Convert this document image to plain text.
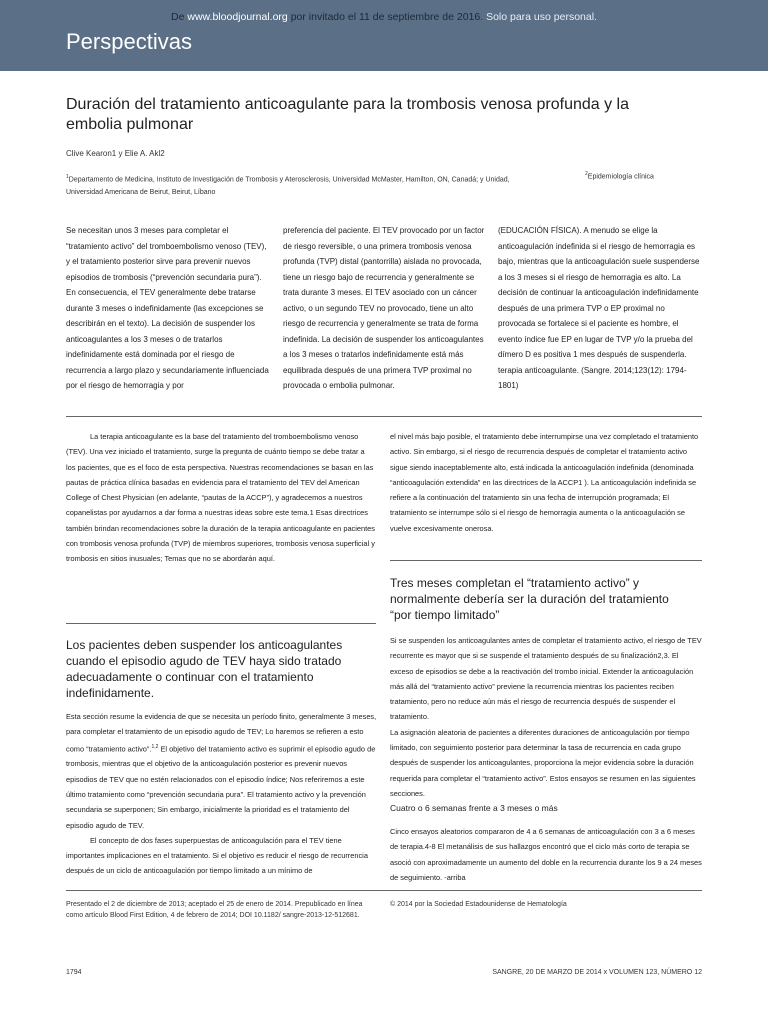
De www.bloodjournal.org por invitado el 11 de septiembre de 2016. Solo para uso personal.
Perspectivas
Duración del tratamiento anticoagulante para la trombosis venosa profunda y la embolia pulmonar
Clive Kearon1 y Elie A. Akl2
$^1$Departamento de Medicina, Instituto de Investigación de Trombosis y Aterosclerosis, Universidad McMaster, Hamilton, ON, Canadá; y Unidad, Universidad Americana de Beirut, Beirut, Líbano
$^2$Epidemiología clínica

Se necesitan unos 3 meses para completar el “tratamiento activo” del tromboembolismo venoso (TEV), y el tratamiento posterior sirve para prevenir nuevos episodios de trombosis (“prevención secundaria pura”). En consecuencia, el TEV generalmente debe tratarse durante 3 meses o indefinidamente (las excepciones se describirán en el texto). La decisión de suspender los anticoagulantes a los 3 meses o de tratarlos indefinidamente está dominada por el riesgo de recurrencia a largo plazo y secundariamente influenciada por el riesgo de hemorragia y por

preferencia del paciente. El TEV provocado por un factor de riesgo reversible, o una primera trombosis venosa profunda (TVP) distal (pantorrilla) aislada no provocada, tiene un riesgo bajo de recurrencia y generalmente se trata durante 3 meses. El TEV asociado con un cáncer activo, o un segundo TEV no provocado, tiene un alto riesgo de recurrencia y generalmente se trata de forma indefinida. La decisión de suspender los anticoagulantes a los 3 meses o tratarlos indefinidamente está más equilibrada después de una primera TVP proximal no provocada o embolia pulmonar.

(EDUCACIÓN FÍSICA). A menudo se elige la anticoagulación indefinida si el riesgo de hemorragia es bajo, mientras que la anticoagulación suele suspenderse a los 3 meses si el riesgo de hemorragia es alto. La decisión de continuar la anticoagulación indefinidamente después de una primera TVP o EP proximal no provocada se fortalece si el paciente es hombre, el evento índice fue EP en lugar de TVP y/o la prueba del dímero D es positiva 1 mes después de suspenderla. terapia anticoagulante. (Sangre. 2014;123(12): 1794-1801)

La terapia anticoagulante es la base del tratamiento del tromboembolismo venoso (TEV). Una vez iniciado el tratamiento, surge la pregunta de cuánto tiempo se debe tratar a los pacientes, que es el foco de esta perspectiva. Nuestras recomendaciones se basan en las pautas de práctica clínica basadas en evidencia para el tratamiento del TEV del American College of Chest Physician (en adelante, “pautas de la ACCP”), y agradecemos a nuestros copanelistas por ayudarnos a dar forma a nuestras ideas sobre este tema.1 Esas directrices también brindan recomendaciones sobre la duración de la terapia anticoagulante en pacientes con trombosis venosa profunda (TVP) de miembros superiores, trombosis venosa superficial y trombosis en sitios inusuales; Temas que no se abordarán aquí.

el nivel más bajo posible, el tratamiento debe interrumpirse una vez completado el tratamiento activo. Sin embargo, si el riesgo de recurrencia después de completar el tratamiento activo sigue siendo inaceptablemente alto, está indicada la anticoagulación indefinida (denominada “anticoagulación extendida” en las directrices de la ACCP1 ). La anticoagulación indefinida se refiere a la continuación del tratamiento sin una fecha de interrupción programada; El tratamiento se interrumpe sólo si el riesgo de hemorragia aumenta o la anticoagulación se vuelve excesivamente onerosa.

Tres meses completan el “tratamiento activo” y normalmente debería ser la duración del tratamiento “por tiempo limitado”
Los pacientes deben suspender los anticoagulantes cuando el episodio agudo de TEV haya sido tratado adecuadamente o continuar con el tratamiento indefinidamente.

Esta sección resume la evidencia de que se necesita un período finito, generalmente 3 meses, para completar el tratamiento de un episodio agudo de TEV; Lo haremos se refieren a esto como “tratamiento activo”.$^{1,2}$ El objetivo del tratamiento activo es suprimir el episodio agudo de trombosis, mientras que el objetivo de la anticoagulación posterior es prevenir nuevos episodios de TEV que no estén relacionados con el episodio índice; Nos referiremos a este último tratamiento como “prevención secundaria pura”. El tratamiento activo y la prevención secundaria se superponen; Sin embargo, inicialmente la prioridad es el tratamiento del episodio agudo de TEV.

El concepto de dos fases superpuestas de anticoagulación para el TEV tiene importantes implicaciones en el tratamiento. Si el objetivo es reducir el riesgo de recurrencia después de un ciclo de anticoagulación por tiempo limitado a un mínimo de

Si se suspenden los anticoagulantes antes de completar el tratamiento activo, el riesgo de TEV recurrente es mayor que si se suspende el tratamiento después de su finalización2,3. El exceso de episodios se debe a la reactivación del trombo inicial. Extender la anticoagulación más allá del “tratamiento activo” previene la recurrencia mientras los pacientes reciben tratamiento, pero no reduce aún más el riesgo de recurrencia después de suspender el tratamiento.

La asignación aleatoria de pacientes a diferentes duraciones de anticoagulación por tiempo limitado, con seguimiento posterior para determinar la tasa de recurrencia en cada grupo después de suspender los anticoagulantes, proporciona la mejor evidencia sobre la duración requerida para completar el “tratamiento activo”. Estos ensayos se resumen en las siguientes secciones.

Cuatro o 6 semanas frente a 3 meses o más

Cinco ensayos aleatorios compararon de 4 a 6 semanas de anticoagulación con 3 a 6 meses de terapia.4-8 El metanálisis de sus hallazgos encontró que el ciclo más corto de terapia se asoció con aproximadamente un aumento del doble en la recurrencia durante los 9 a 24 meses de seguimiento. -arriba

Presentado el 2 de diciembre de 2013; aceptado el 25 de enero de 2014. Prepublicado en línea como artículo Blood First Edition, 4 de febrero de 2014; DOI 10.1182/ sangre-2013-12-512681.
© 2014 por la Sociedad Estadounidense de Hematología
1794	SANGRE, 20 DE MARZO DE 2014 x VOLUMEN 123, NÚMERO 12
